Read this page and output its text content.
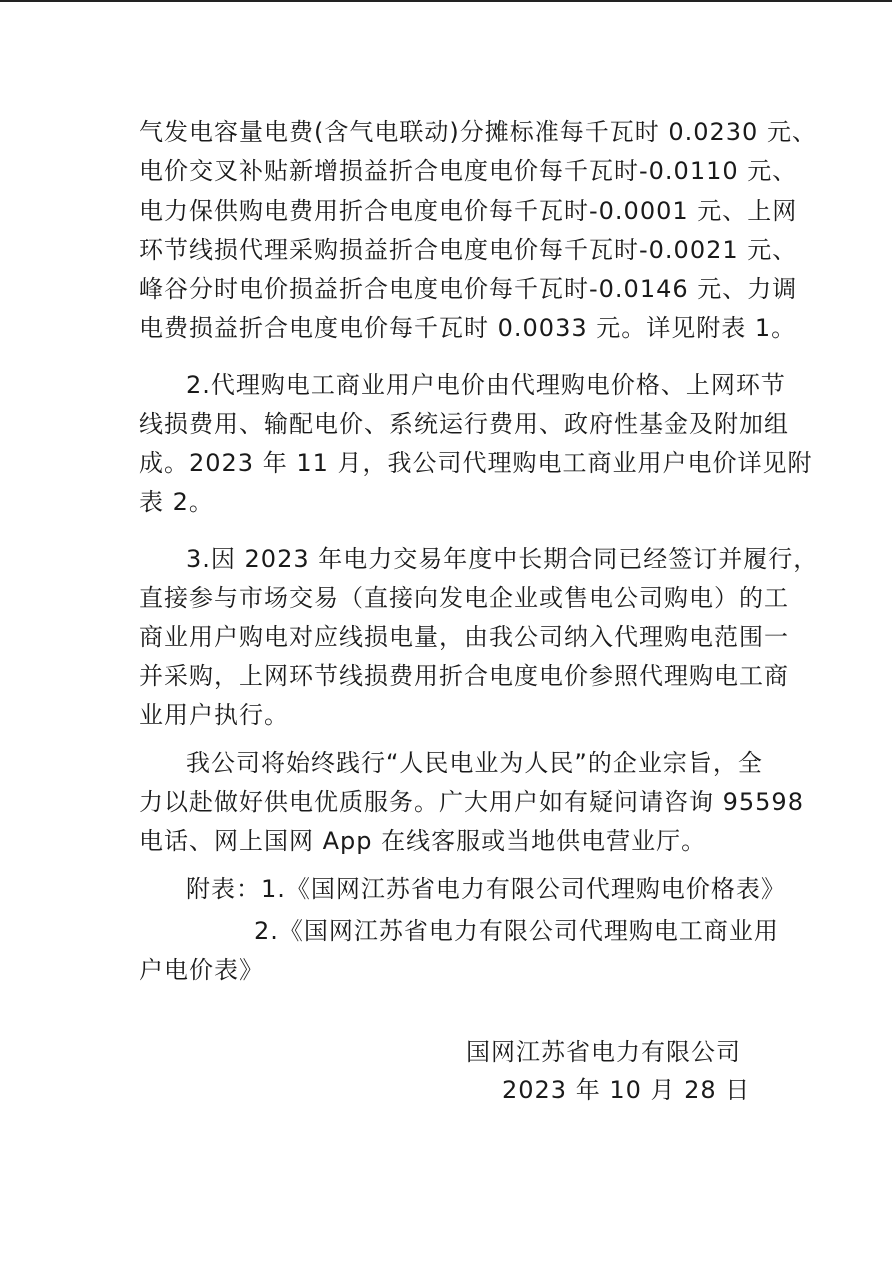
气发电容量电费(含气电联动)分摊标准每千瓦时 0.0230 元、
电价交叉补贴新增损益折合电度电价每千瓦时-0.0110 元、
电力保供购电费用折合电度电价每千瓦时-0.0001 元、上网
环节线损代理采购损益折合电度电价每千瓦时-0.0021 元、
峰谷分时电价损益折合电度电价每千瓦时-0.0146 元、力调
电费损益折合电度电价每千瓦时 0.0033 元。详见附表 1。
2.代理购电工商业用户电价由代理购电价格、上网环节
线损费用、输配电价、系统运行费用、政府性基金及附加组
成。2023 年 11 月，我公司代理购电工商业用户电价详见附
表 2。
3.因 2023 年电力交易年度中长期合同已经签订并履行，
直接参与市场交易（直接向发电企业或售电公司购电）的工
商业用户购电对应线损电量，由我公司纳入代理购电范围一
并采购，上网环节线损费用折合电度电价参照代理购电工商
业用户执行。
我公司将始终践行“人民电业为人民”的企业宗旨，全
力以赴做好供电优质服务。广大用户如有疑问请咨询 95598
电话、网上国网 App 在线客服或当地供电营业厅。
附表：1.《国网江苏省电力有限公司代理购电价格表》
2.《国网江苏省电力有限公司代理购电工商业用
户电价表》
国网江苏省电力有限公司
2023 年 10 月 28 日
